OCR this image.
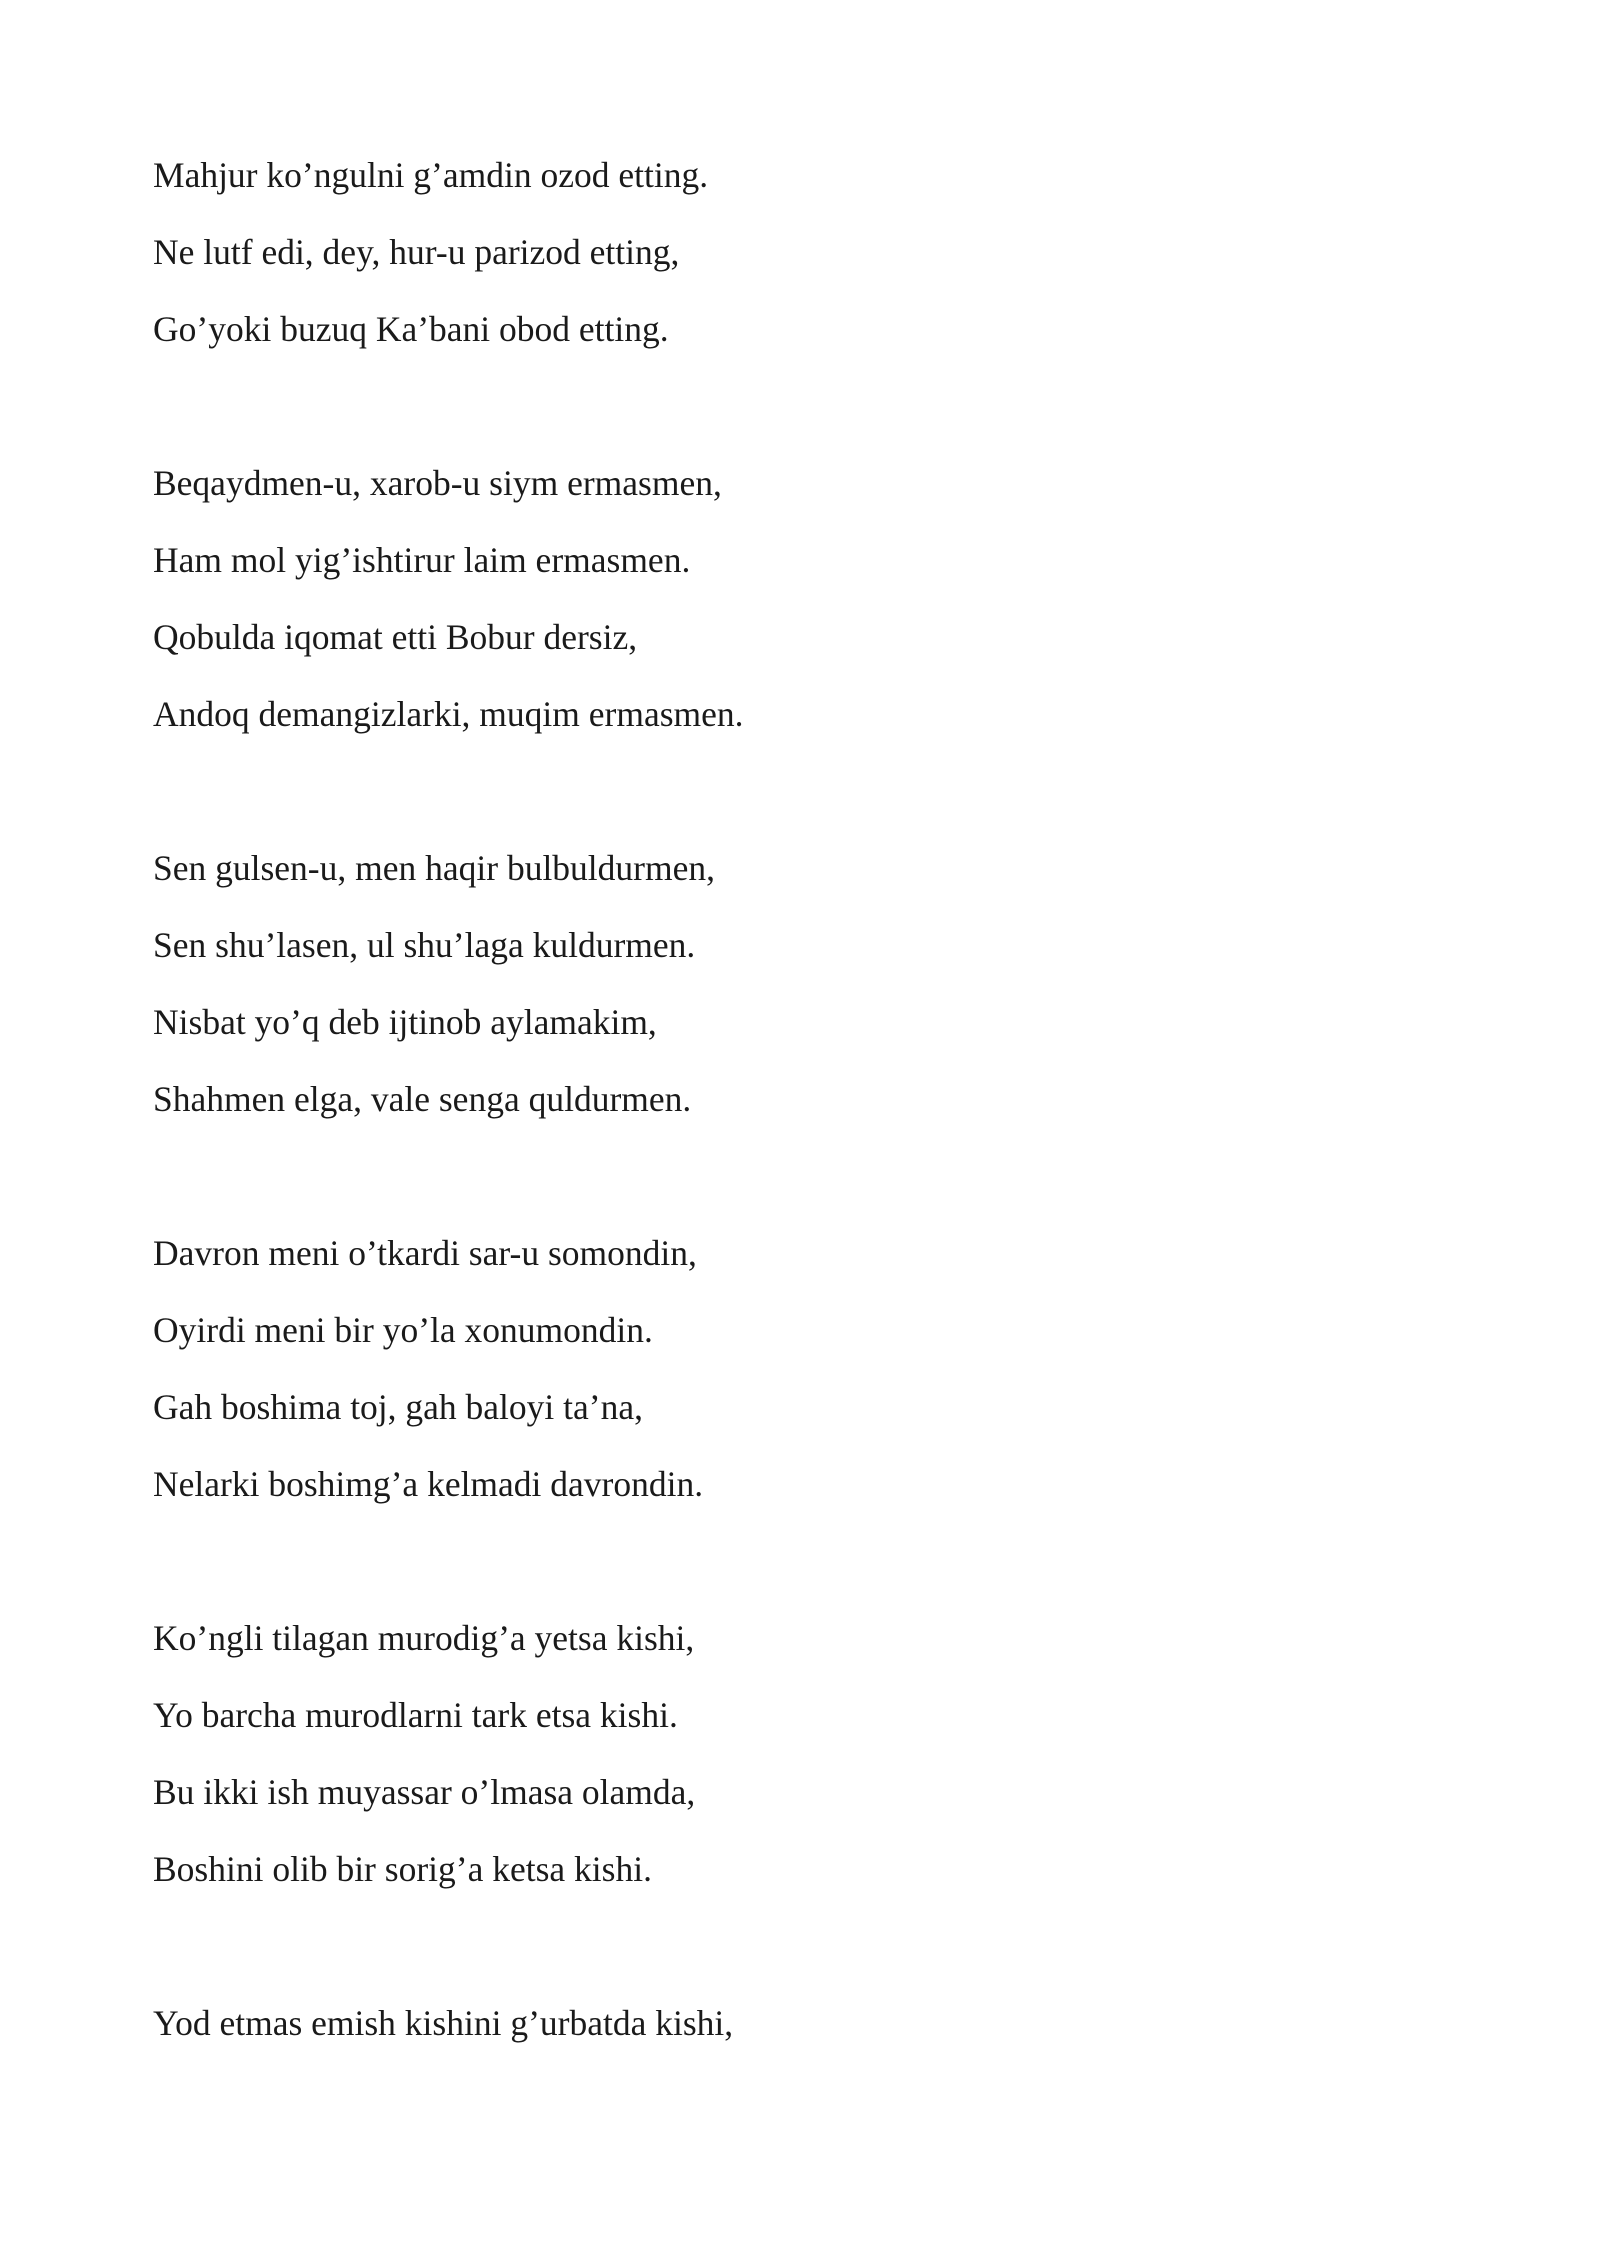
Mahjur ko’ngulni g’amdin ozod etting.
Ne lutf edi, dey, hur-u parizod etting,
Go’yoki buzuq Ka’bani obod etting.
Beqaydmen-u, xarob-u siym ermasmen,
Ham mol yig’ishtirur laim ermasmen.
Qobulda iqomat etti Bobur dersiz,
Andoq demangizlarki, muqim ermasmen.
Sen gulsen-u, men haqir bulbuldurmen,
Sen shu’lasen, ul shu’laga kuldurmen.
Nisbat yo’q deb ijtinob aylamakim,
Shahmen elga, vale senga quldurmen.
Davron meni o’tkardi sar-u somondin,
Oyirdi meni bir yo’la xonumondin.
Gah boshima toj, gah baloyi ta’na,
Nelarki boshimg’a kelmadi davrondin.
Ko’ngli tilagan murodig’a yetsa kishi,
Yo barcha murodlarni tark etsa kishi.
Bu ikki ish muyassar o’lmasa olamda,
Boshini olib bir sorig’a ketsa kishi.
Yod etmas emish kishini g’urbatda kishi,
